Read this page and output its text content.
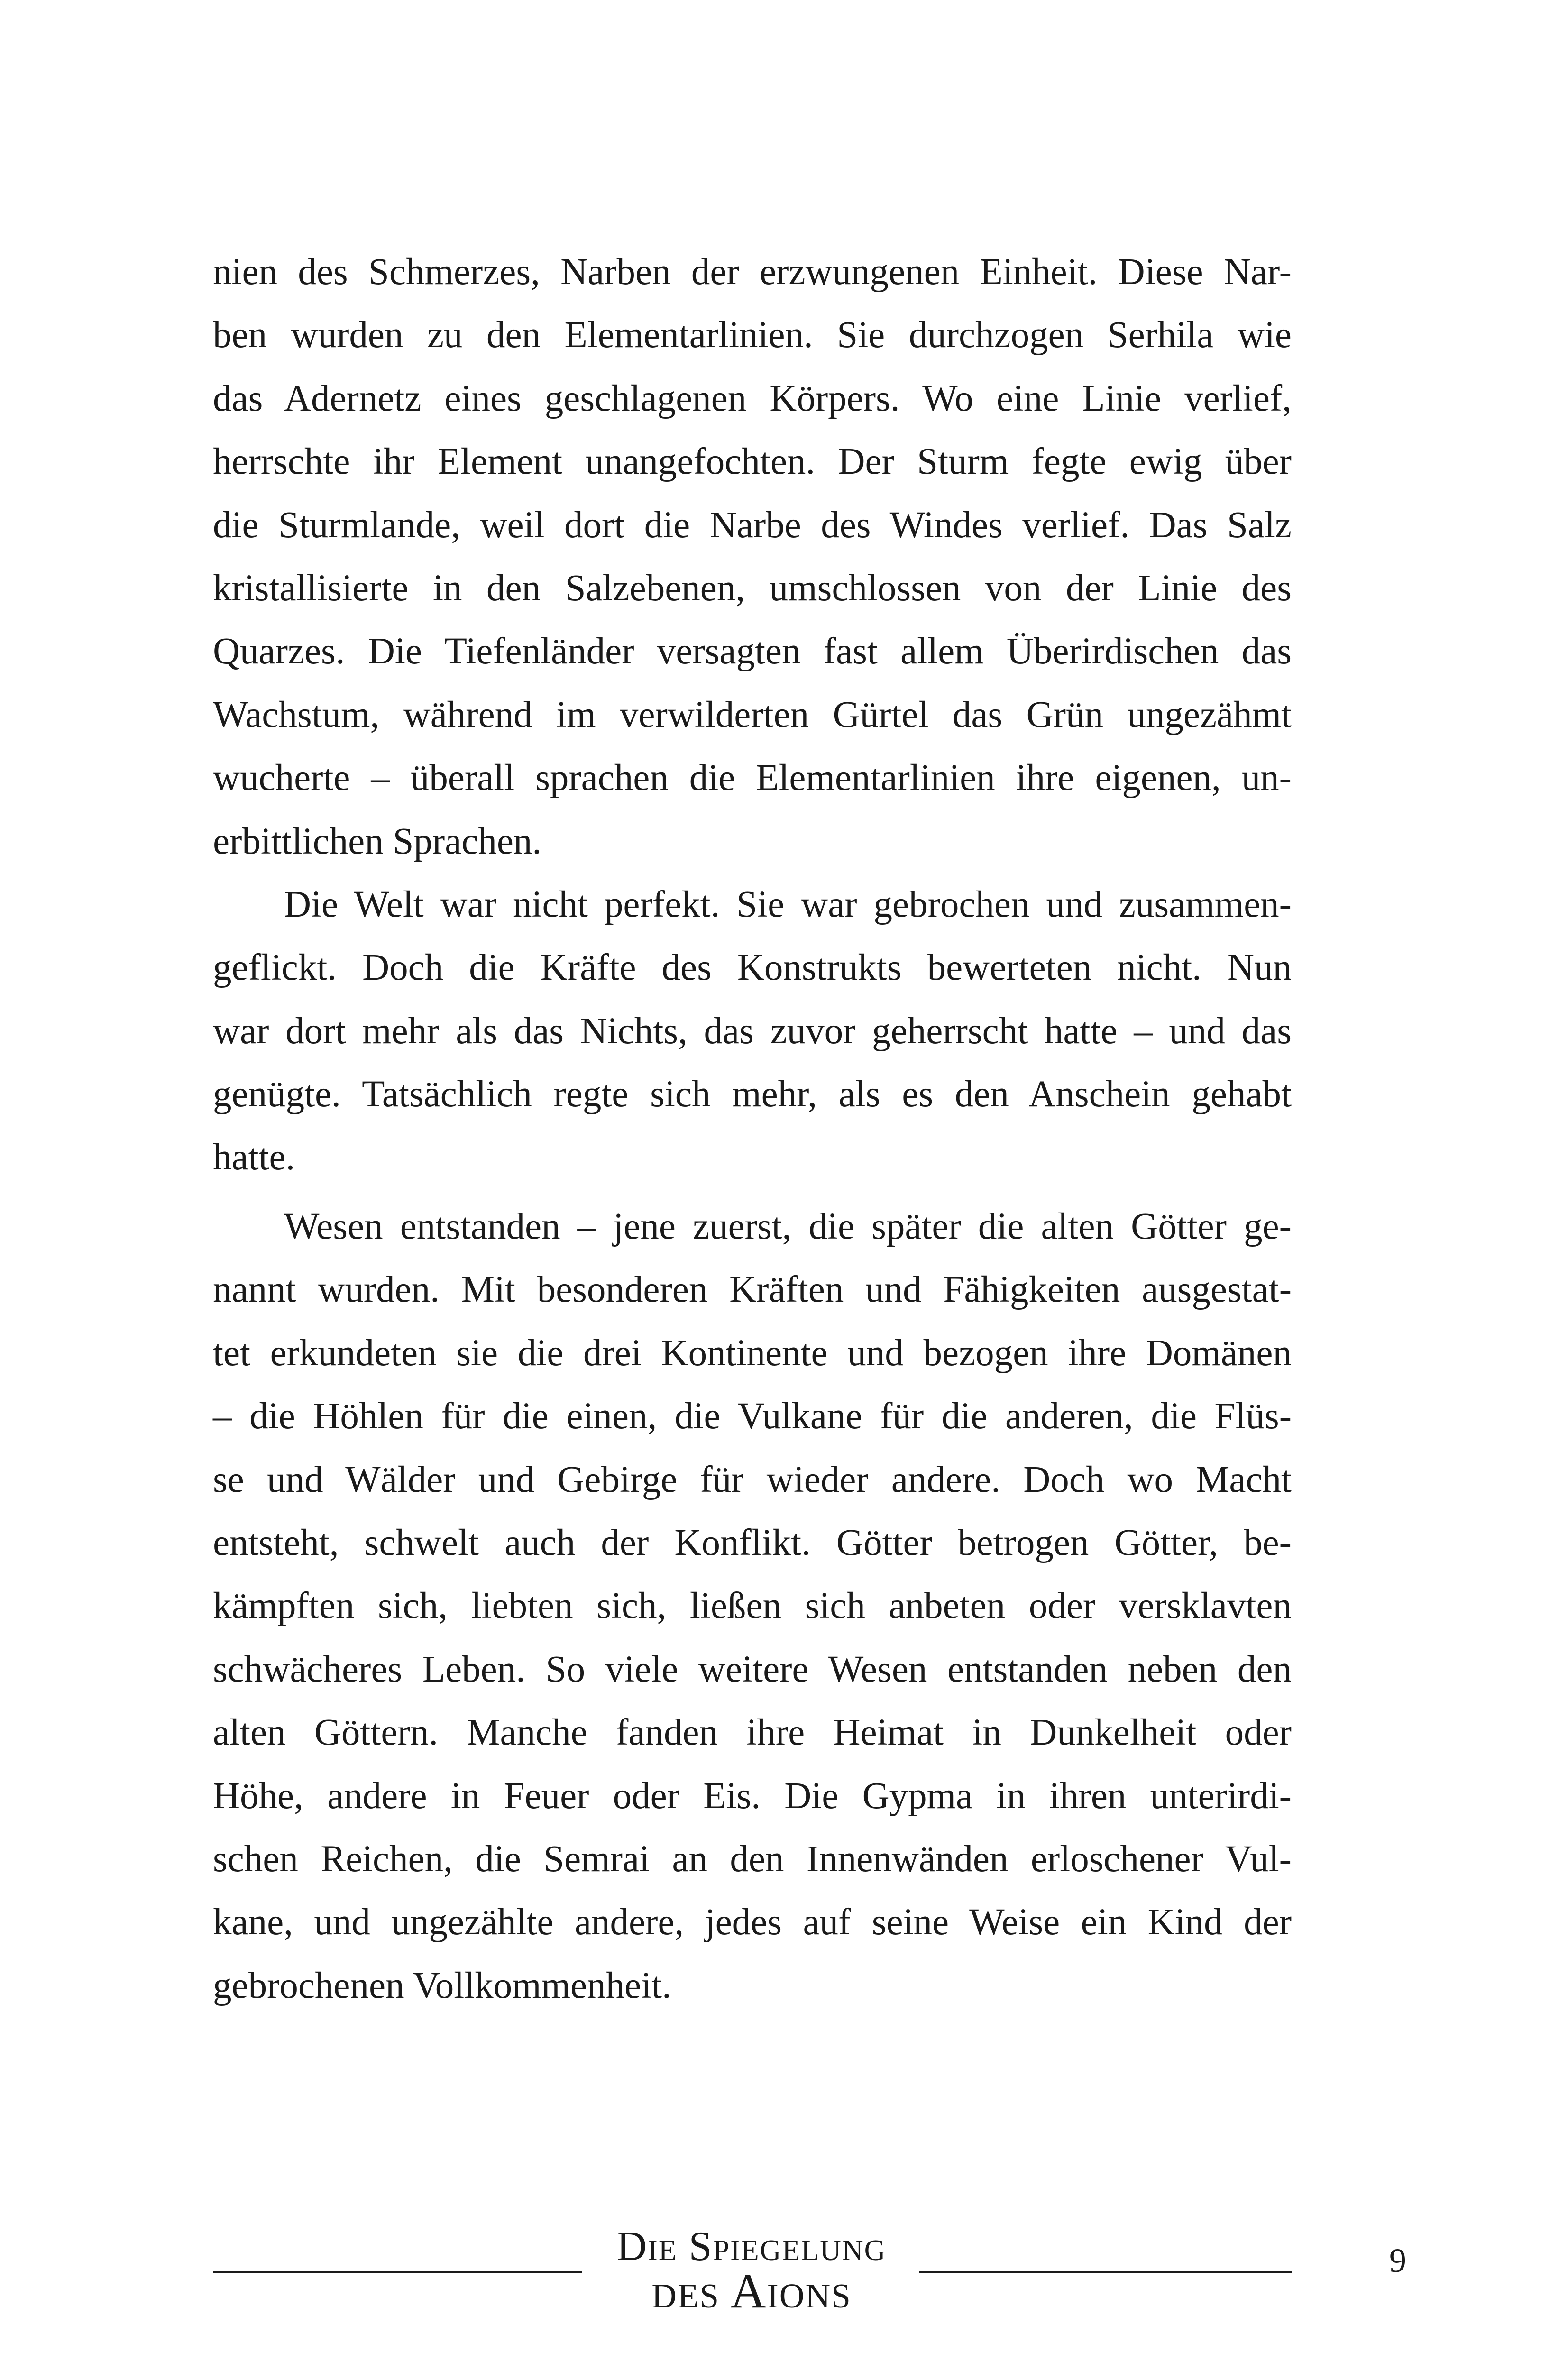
nien des Schmerzes, Narben der erzwungenen Einheit. Diese Nar-
ben wurden zu den Elementarlinien. Sie durchzogen Serhila wie
das Adernetz eines geschlagenen Körpers. Wo eine Linie verlief,
herrschte ihr Element unangefochten. Der Sturm fegte ewig über
die Sturmlande, weil dort die Narbe des Windes verlief. Das Salz
kristallisierte in den Salzebenen, umschlossen von der Linie des
Quarzes. Die Tiefenländer versagten fast allem Überirdischen das
Wachstum, während im verwilderten Gürtel das Grün ungezähmt
wucherte – überall sprachen die Elementarlinien ihre eigenen, un-
erbittlichen Sprachen.
Die Welt war nicht perfekt. Sie war gebrochen und zusammen-
geflickt. Doch die Kräfte des Konstrukts bewerteten nicht. Nun
war dort mehr als das Nichts, das zuvor geherrscht hatte – und das
genügte. Tatsächlich regte sich mehr, als es den Anschein gehabt
hatte.
Wesen entstanden – jene zuerst, die später die alten Götter ge-
nannt wurden. Mit besonderen Kräften und Fähigkeiten ausgestat-
tet erkundeten sie die drei Kontinente und bezogen ihre Domänen
– die Höhlen für die einen, die Vulkane für die anderen, die Flüs-
se und Wälder und Gebirge für wieder andere. Doch wo Macht
entsteht, schwelt auch der Konflikt. Götter betrogen Götter, be-
kämpften sich, liebten sich, ließen sich anbeten oder versklavten
schwächeres Leben. So viele weitere Wesen entstanden neben den
alten Göttern. Manche fanden ihre Heimat in Dunkelheit oder
Höhe, andere in Feuer oder Eis. Die Gypma in ihren unterirdi-
schen Reichen, die Semrai an den Innenwänden erloschener Vul-
kane, und ungezählte andere, jedes auf seine Weise ein Kind der
gebrochenen Vollkommenheit.
Die Spiegelung
des Aions
9
